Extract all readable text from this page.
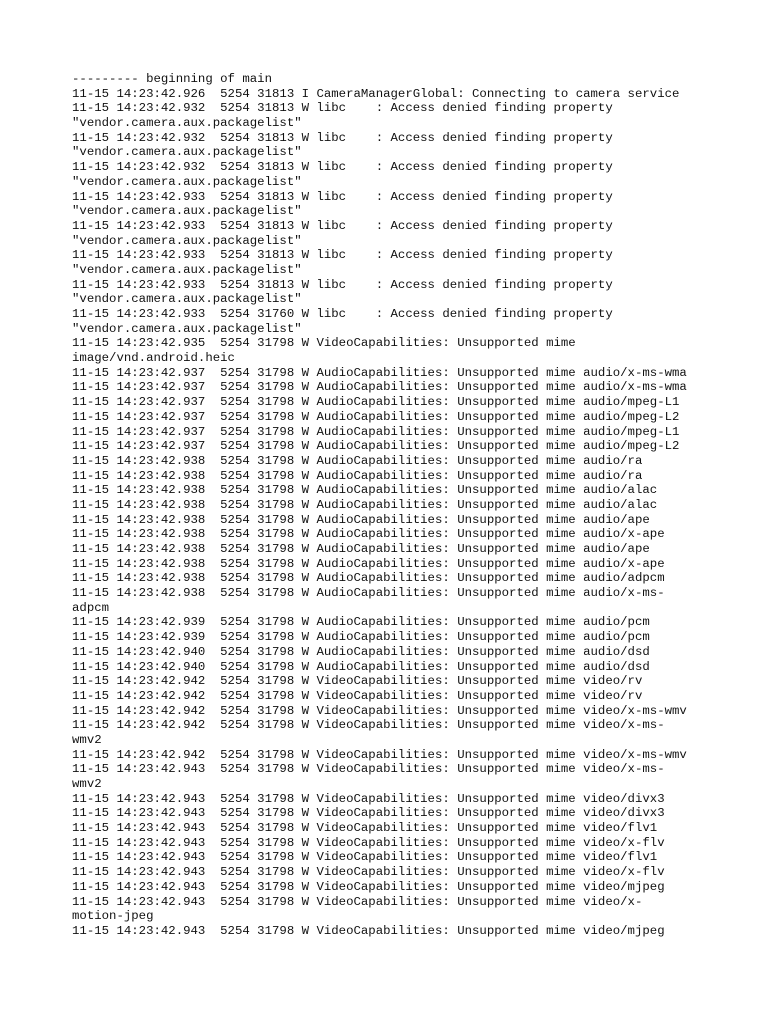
--------- beginning of main
11-15 14:23:42.926  5254 31813 I CameraManagerGlobal: Connecting to camera service
11-15 14:23:42.932  5254 31813 W libc    : Access denied finding property
"vendor.camera.aux.packagelist"
11-15 14:23:42.932  5254 31813 W libc    : Access denied finding property
"vendor.camera.aux.packagelist"
11-15 14:23:42.932  5254 31813 W libc    : Access denied finding property
"vendor.camera.aux.packagelist"
11-15 14:23:42.933  5254 31813 W libc    : Access denied finding property
"vendor.camera.aux.packagelist"
11-15 14:23:42.933  5254 31813 W libc    : Access denied finding property
"vendor.camera.aux.packagelist"
11-15 14:23:42.933  5254 31813 W libc    : Access denied finding property
"vendor.camera.aux.packagelist"
11-15 14:23:42.933  5254 31813 W libc    : Access denied finding property
"vendor.camera.aux.packagelist"
11-15 14:23:42.933  5254 31760 W libc    : Access denied finding property
"vendor.camera.aux.packagelist"
11-15 14:23:42.935  5254 31798 W VideoCapabilities: Unsupported mime
image/vnd.android.heic
11-15 14:23:42.937  5254 31798 W AudioCapabilities: Unsupported mime audio/x-ms-wma
11-15 14:23:42.937  5254 31798 W AudioCapabilities: Unsupported mime audio/x-ms-wma
11-15 14:23:42.937  5254 31798 W AudioCapabilities: Unsupported mime audio/mpeg-L1
11-15 14:23:42.937  5254 31798 W AudioCapabilities: Unsupported mime audio/mpeg-L2
11-15 14:23:42.937  5254 31798 W AudioCapabilities: Unsupported mime audio/mpeg-L1
11-15 14:23:42.937  5254 31798 W AudioCapabilities: Unsupported mime audio/mpeg-L2
11-15 14:23:42.938  5254 31798 W AudioCapabilities: Unsupported mime audio/ra
11-15 14:23:42.938  5254 31798 W AudioCapabilities: Unsupported mime audio/ra
11-15 14:23:42.938  5254 31798 W AudioCapabilities: Unsupported mime audio/alac
11-15 14:23:42.938  5254 31798 W AudioCapabilities: Unsupported mime audio/alac
11-15 14:23:42.938  5254 31798 W AudioCapabilities: Unsupported mime audio/ape
11-15 14:23:42.938  5254 31798 W AudioCapabilities: Unsupported mime audio/x-ape
11-15 14:23:42.938  5254 31798 W AudioCapabilities: Unsupported mime audio/ape
11-15 14:23:42.938  5254 31798 W AudioCapabilities: Unsupported mime audio/x-ape
11-15 14:23:42.938  5254 31798 W AudioCapabilities: Unsupported mime audio/adpcm
11-15 14:23:42.938  5254 31798 W AudioCapabilities: Unsupported mime audio/x-ms-
adpcm
11-15 14:23:42.939  5254 31798 W AudioCapabilities: Unsupported mime audio/pcm
11-15 14:23:42.939  5254 31798 W AudioCapabilities: Unsupported mime audio/pcm
11-15 14:23:42.940  5254 31798 W AudioCapabilities: Unsupported mime audio/dsd
11-15 14:23:42.940  5254 31798 W AudioCapabilities: Unsupported mime audio/dsd
11-15 14:23:42.942  5254 31798 W VideoCapabilities: Unsupported mime video/rv
11-15 14:23:42.942  5254 31798 W VideoCapabilities: Unsupported mime video/rv
11-15 14:23:42.942  5254 31798 W VideoCapabilities: Unsupported mime video/x-ms-wmv
11-15 14:23:42.942  5254 31798 W VideoCapabilities: Unsupported mime video/x-ms-
wmv2
11-15 14:23:42.942  5254 31798 W VideoCapabilities: Unsupported mime video/x-ms-wmv
11-15 14:23:42.943  5254 31798 W VideoCapabilities: Unsupported mime video/x-ms-
wmv2
11-15 14:23:42.943  5254 31798 W VideoCapabilities: Unsupported mime video/divx3
11-15 14:23:42.943  5254 31798 W VideoCapabilities: Unsupported mime video/divx3
11-15 14:23:42.943  5254 31798 W VideoCapabilities: Unsupported mime video/flv1
11-15 14:23:42.943  5254 31798 W VideoCapabilities: Unsupported mime video/x-flv
11-15 14:23:42.943  5254 31798 W VideoCapabilities: Unsupported mime video/flv1
11-15 14:23:42.943  5254 31798 W VideoCapabilities: Unsupported mime video/x-flv
11-15 14:23:42.943  5254 31798 W VideoCapabilities: Unsupported mime video/mjpeg
11-15 14:23:42.943  5254 31798 W VideoCapabilities: Unsupported mime video/x-
motion-jpeg
11-15 14:23:42.943  5254 31798 W VideoCapabilities: Unsupported mime video/mjpeg
